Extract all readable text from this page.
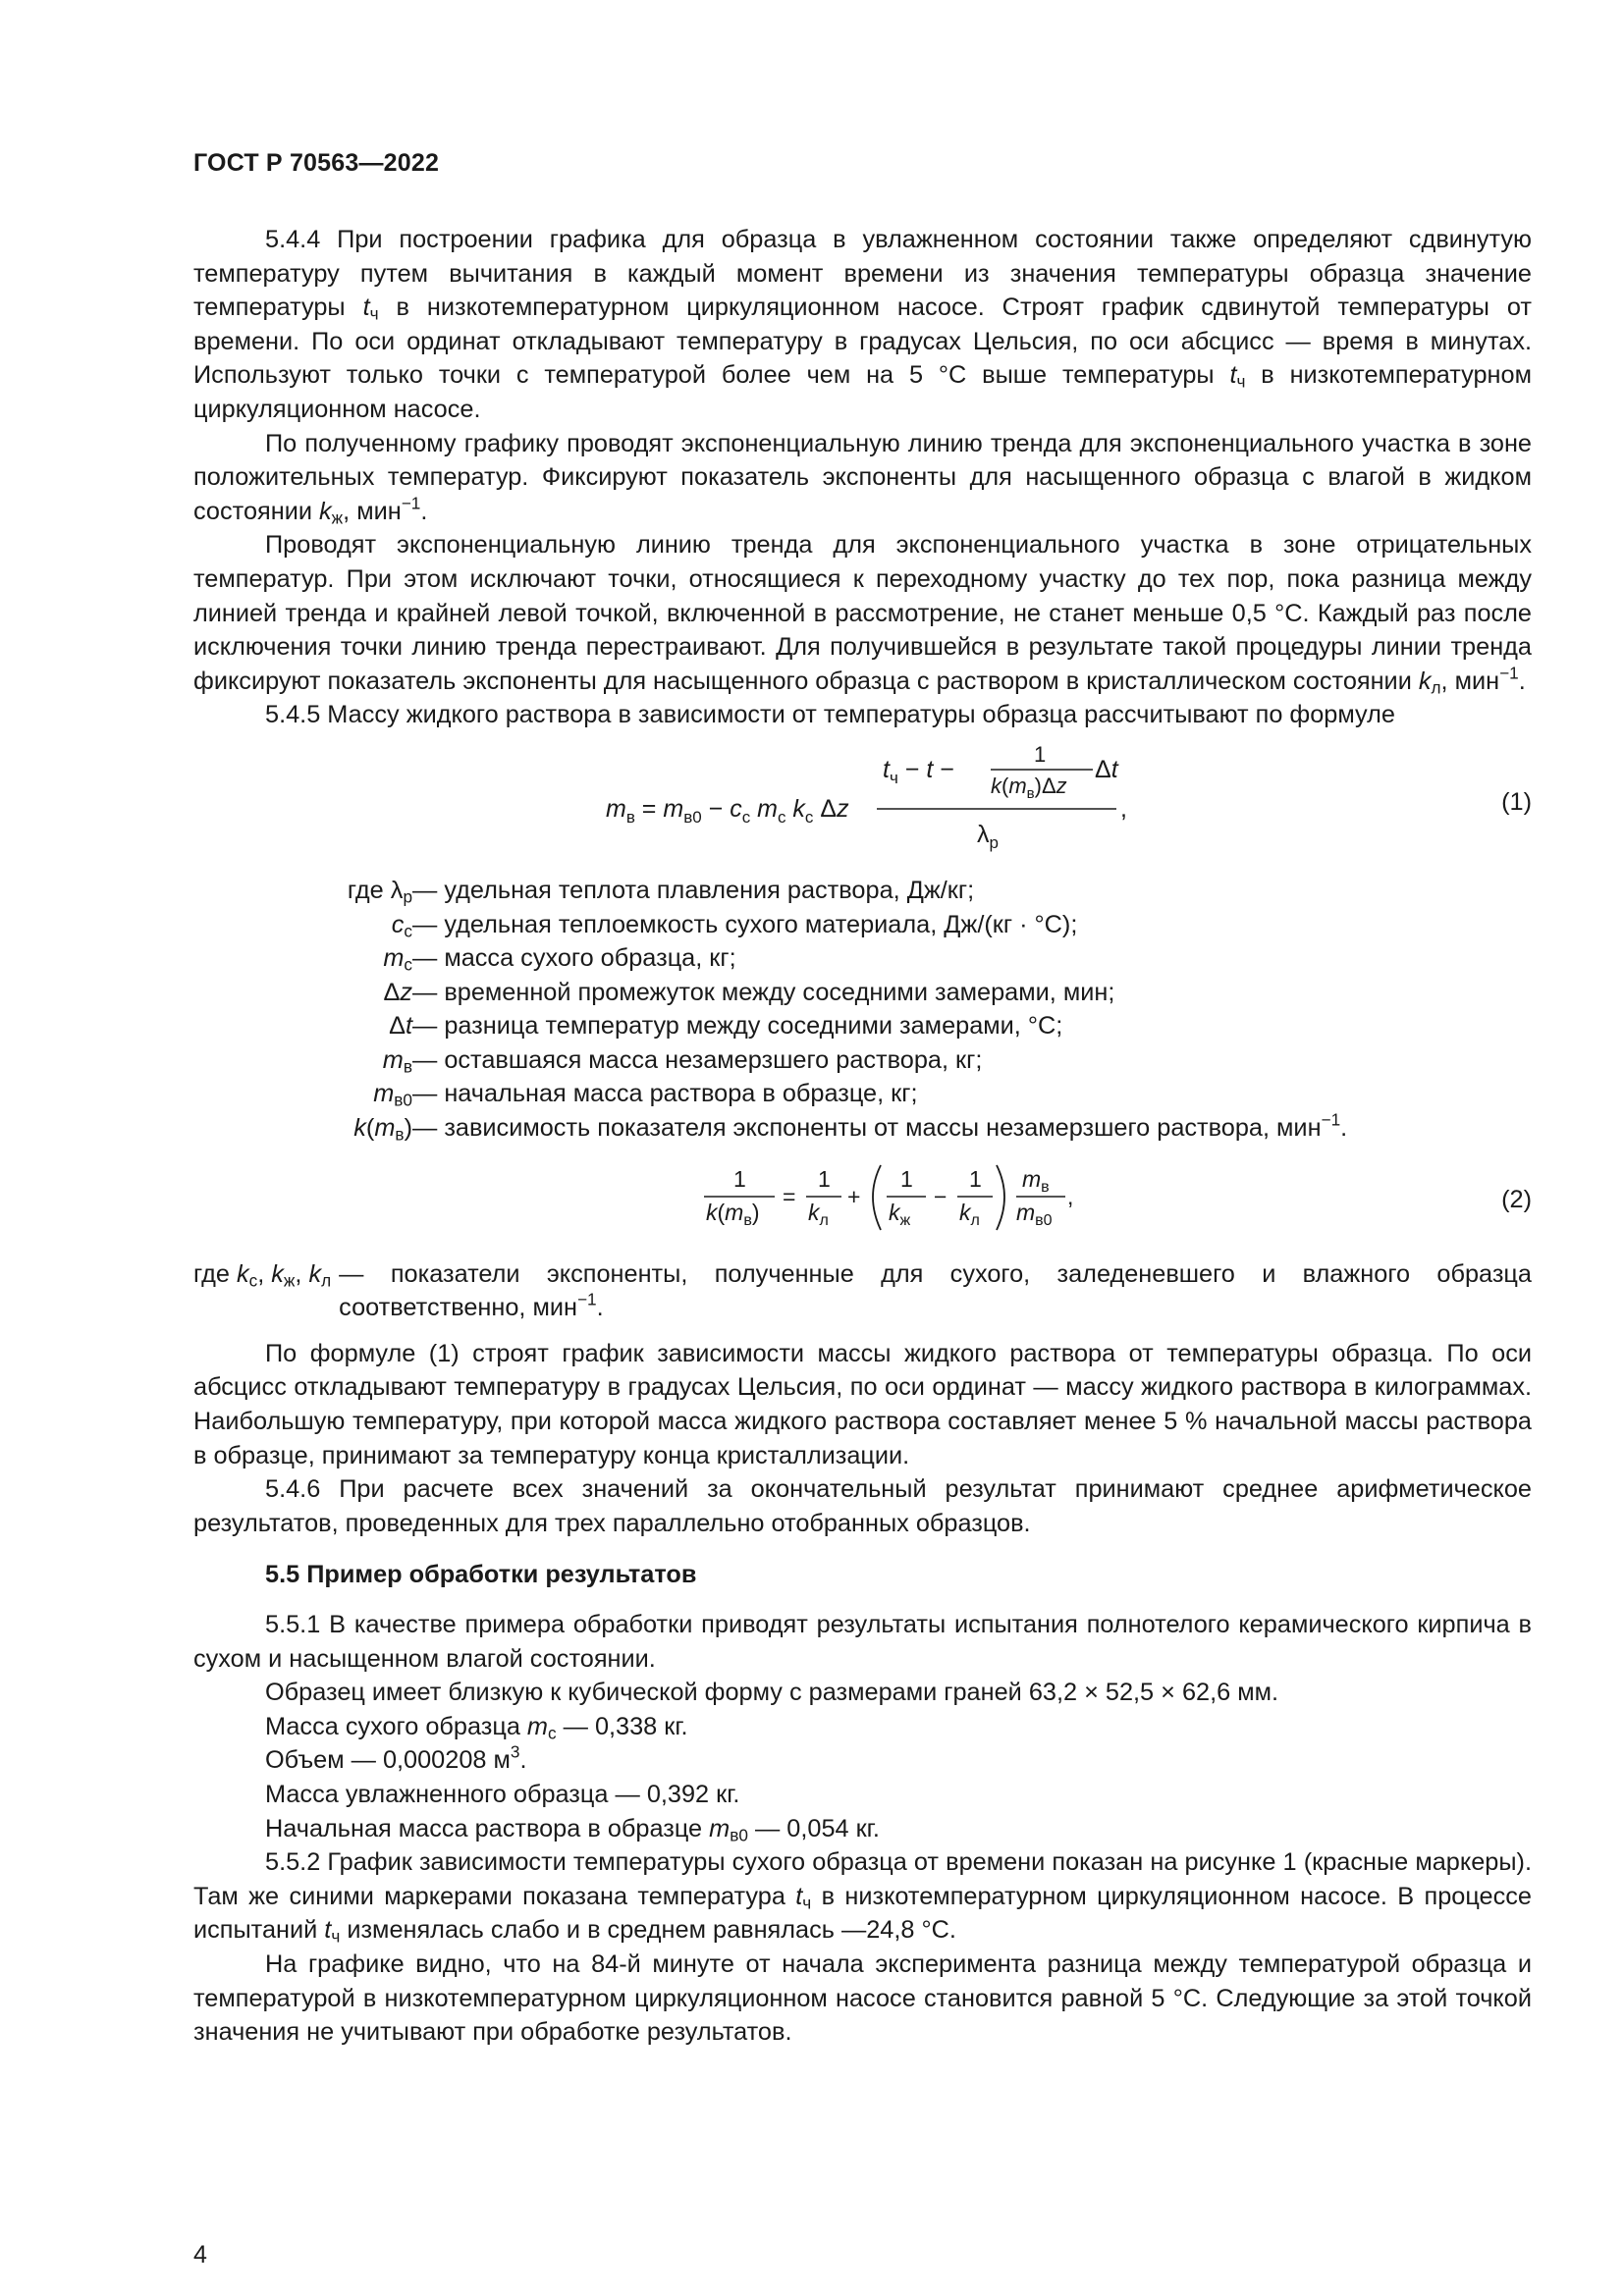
ГОСТ Р 70563—2022

5.4.4 При построении графика для образца в увлажненном состоянии также определяют сдвинутую температуру путем вычитания в каждый момент времени из значения температуры образца значение температуры $t_ч$ в низкотемпературном циркуляционном насосе. Строят график сдвинутой температуры от времени. По оси ординат откладывают температуру в градусах Цельсия, по оси абсцисс — время в минутах. Используют только точки с температурой более чем на 5 °C выше температуры $t_ч$ в низкотемпературном циркуляционном насосе.

По полученному графику проводят экспоненциальную линию тренда для экспоненциального участка в зоне положительных температур. Фиксируют показатель экспоненты для насыщенного образца с влагой в жидком состоянии $k_ж$, мин$^{-1}$.

Проводят экспоненциальную линию тренда для экспоненциального участка в зоне отрицательных температур. При этом исключают точки, относящиеся к переходному участку до тех пор, пока разница между линией тренда и крайней левой точкой, включенной в рассмотрение, не станет меньше 0,5 °C. Каждый раз после исключения точки линию тренда перестраивают. Для получившейся в результате такой процедуры линии тренда фиксируют показатель экспоненты для насыщенного образца с раствором в кристаллическом состоянии $k_л$, мин$^{-1}$.

5.4.5 Массу жидкого раствора в зависимости от температуры образца рассчитывают по формуле

$m_в = m_{в0} - c_с$ $m_с$ $k_с$ Δz
$t_ч - t$ −
1
$k(m_в)\Delta z$
Δt
$\lambda_р$
,	(1)
где $\lambda_р$ — удельная теплота плавления раствора, Дж/кг;
$c_с$ — удельная теплоемкость сухого материала, Дж/(кг · °C);
$m_с$ — масса сухого образца, кг;
Δz — временной промежуток между соседними замерами, мин;
Δt — разница температур между соседними замерами, °C;
$m_в$ — оставшаяся масса незамерзшего раствора, кг;
$m_{в0}$ — начальная масса раствора в образце, кг;
$k(m_в)$ — зависимость показателя экспоненты от массы незамерзшего раствора, мин$^{-1}$.
1
$k(m_в)$
=
1
$k_л$
+
1
$k_ж$
−
1
$k_л$
$m_в$
$m_{в0}$
,	(2)
где $k_с$, $k_ж$, $k_л$ — показатели экспоненты, полученные для сухого, заледеневшего и влажного образца соответственно, мин$^{-1}$.

По формуле (1) строят график зависимости массы жидкого раствора от температуры образца. По оси абсцисс откладывают температуру в градусах Цельсия, по оси ординат — массу жидкого раствора в килограммах. Наибольшую температуру, при которой масса жидкого раствора составляет менее 5 % начальной массы раствора в образце, принимают за температуру конца кристаллизации.

5.4.6 При расчете всех значений за окончательный результат принимают среднее арифметическое результатов, проведенных для трех параллельно отобранных образцов.

5.5 Пример обработки результатов

5.5.1 В качестве примера обработки приводят результаты испытания полнотелого керамического кирпича в сухом и насыщенном влагой состоянии.

Образец имеет близкую к кубической форму с размерами граней 63,2 × 52,5 × 62,6 мм.

Масса сухого образца $m_с$ — 0,338 кг.

Объем — 0,000208 $м^3$.

Масса увлажненного образца — 0,392 кг.

Начальная масса раствора в образце $m_{в0}$ — 0,054 кг.

5.5.2 График зависимости температуры сухого образца от времени показан на рисунке 1 (красные маркеры). Там же синими маркерами показана температура $t_ч$ в низкотемпературном циркуляционном насосе. В процессе испытаний $t_ч$ изменялась слабо и в среднем равнялась —24,8 °C.

На графике видно, что на 84-й минуте от начала эксперимента разница между температурой образца и температурой в низкотемпературном циркуляционном насосе становится равной 5 °C. Следующие за этой точкой значения не учитывают при обработке результатов.

4
